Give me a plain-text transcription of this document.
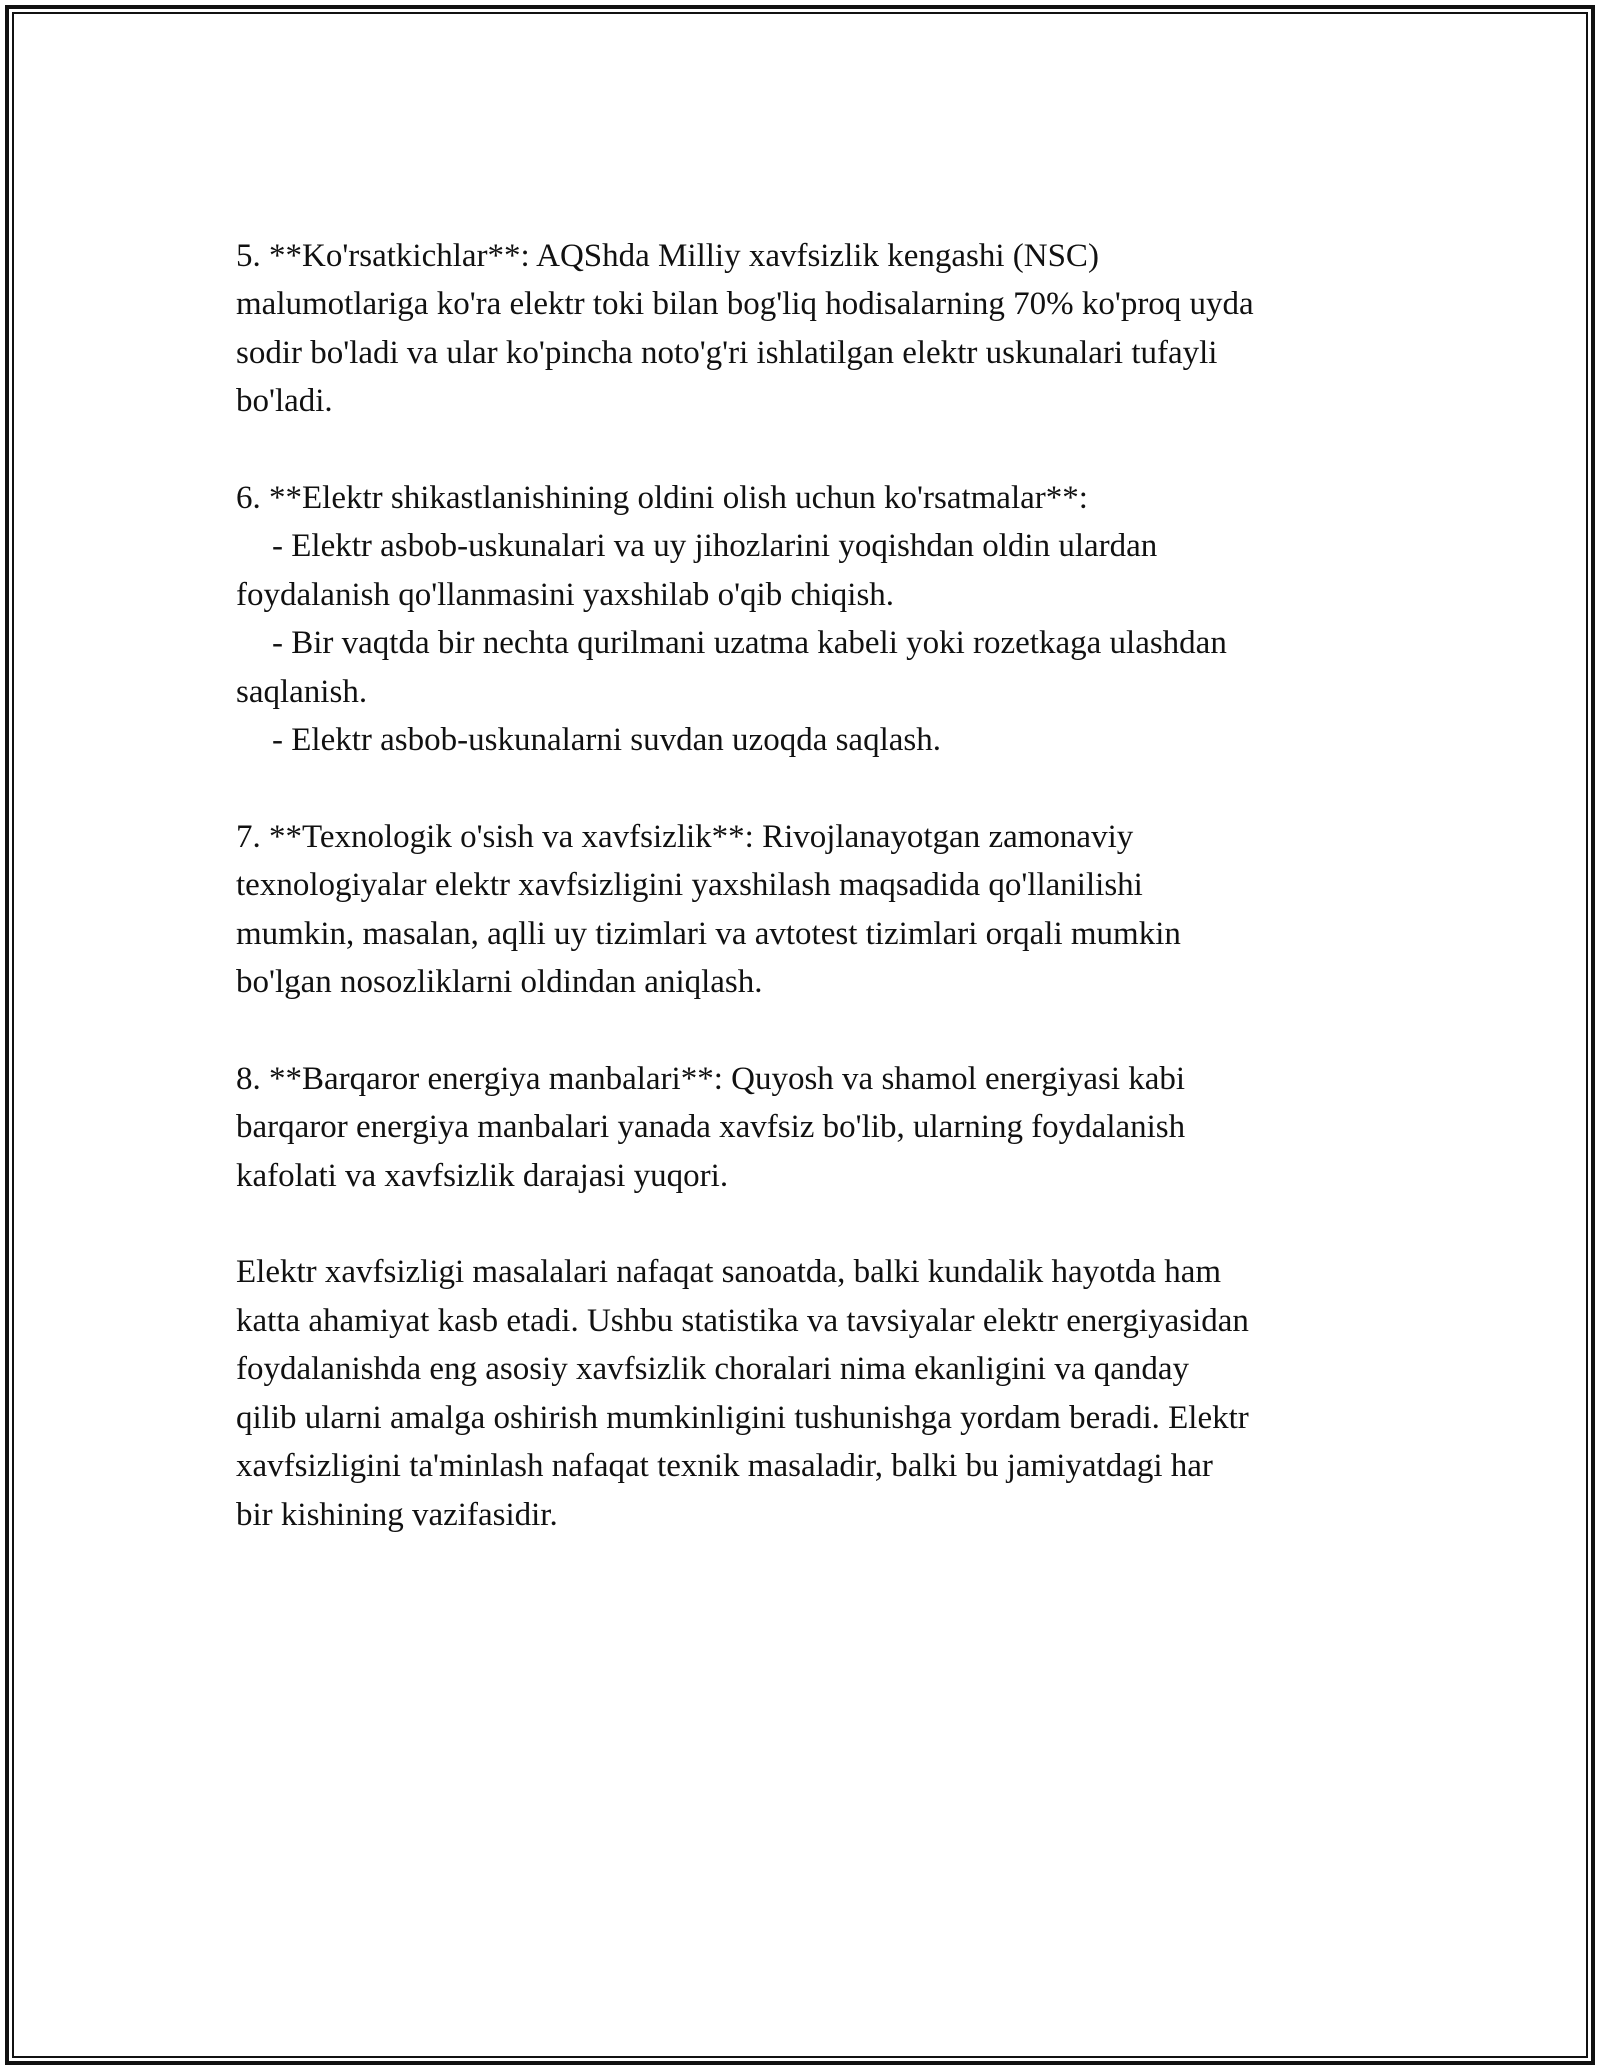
5. **Ko'rsatkichlar**: AQShda Milliy xavfsizlik kengashi (NSC)
malumotlariga ko'ra elektr toki bilan bog'liq hodisalarning 70% ko'proq uyda
sodir bo'ladi va ular ko'pincha noto'g'ri ishlatilgan elektr uskunalari tufayli
bo'ladi.
6. **Elektr shikastlanishining oldini olish uchun ko'rsatmalar**:
- Elektr asbob-uskunalari va uy jihozlarini yoqishdan oldin ulardan
foydalanish qo'llanmasini yaxshilab o'qib chiqish.
- Bir vaqtda bir nechta qurilmani uzatma kabeli yoki rozetkaga ulashdan
saqlanish.
- Elektr asbob-uskunalarni suvdan uzoqda saqlash.
7. **Texnologik o'sish va xavfsizlik**: Rivojlanayotgan zamonaviy
texnologiyalar elektr xavfsizligini yaxshilash maqsadida qo'llanilishi
mumkin, masalan, aqlli uy tizimlari va avtotest tizimlari orqali mumkin
bo'lgan nosozliklarni oldindan aniqlash.
8. **Barqaror energiya manbalari**: Quyosh va shamol energiyasi kabi
barqaror energiya manbalari yanada xavfsiz bo'lib, ularning foydalanish
kafolati va xavfsizlik darajasi yuqori.
Elektr xavfsizligi masalalari nafaqat sanoatda, balki kundalik hayotda ham
katta ahamiyat kasb etadi. Ushbu statistika va tavsiyalar elektr energiyasidan
foydalanishda eng asosiy xavfsizlik choralari nima ekanligini va qanday
qilib ularni amalga oshirish mumkinligini tushunishga yordam beradi. Elektr
xavfsizligini ta'minlash nafaqat texnik masaladir, balki bu jamiyatdagi har
bir kishining vazifasidir.
